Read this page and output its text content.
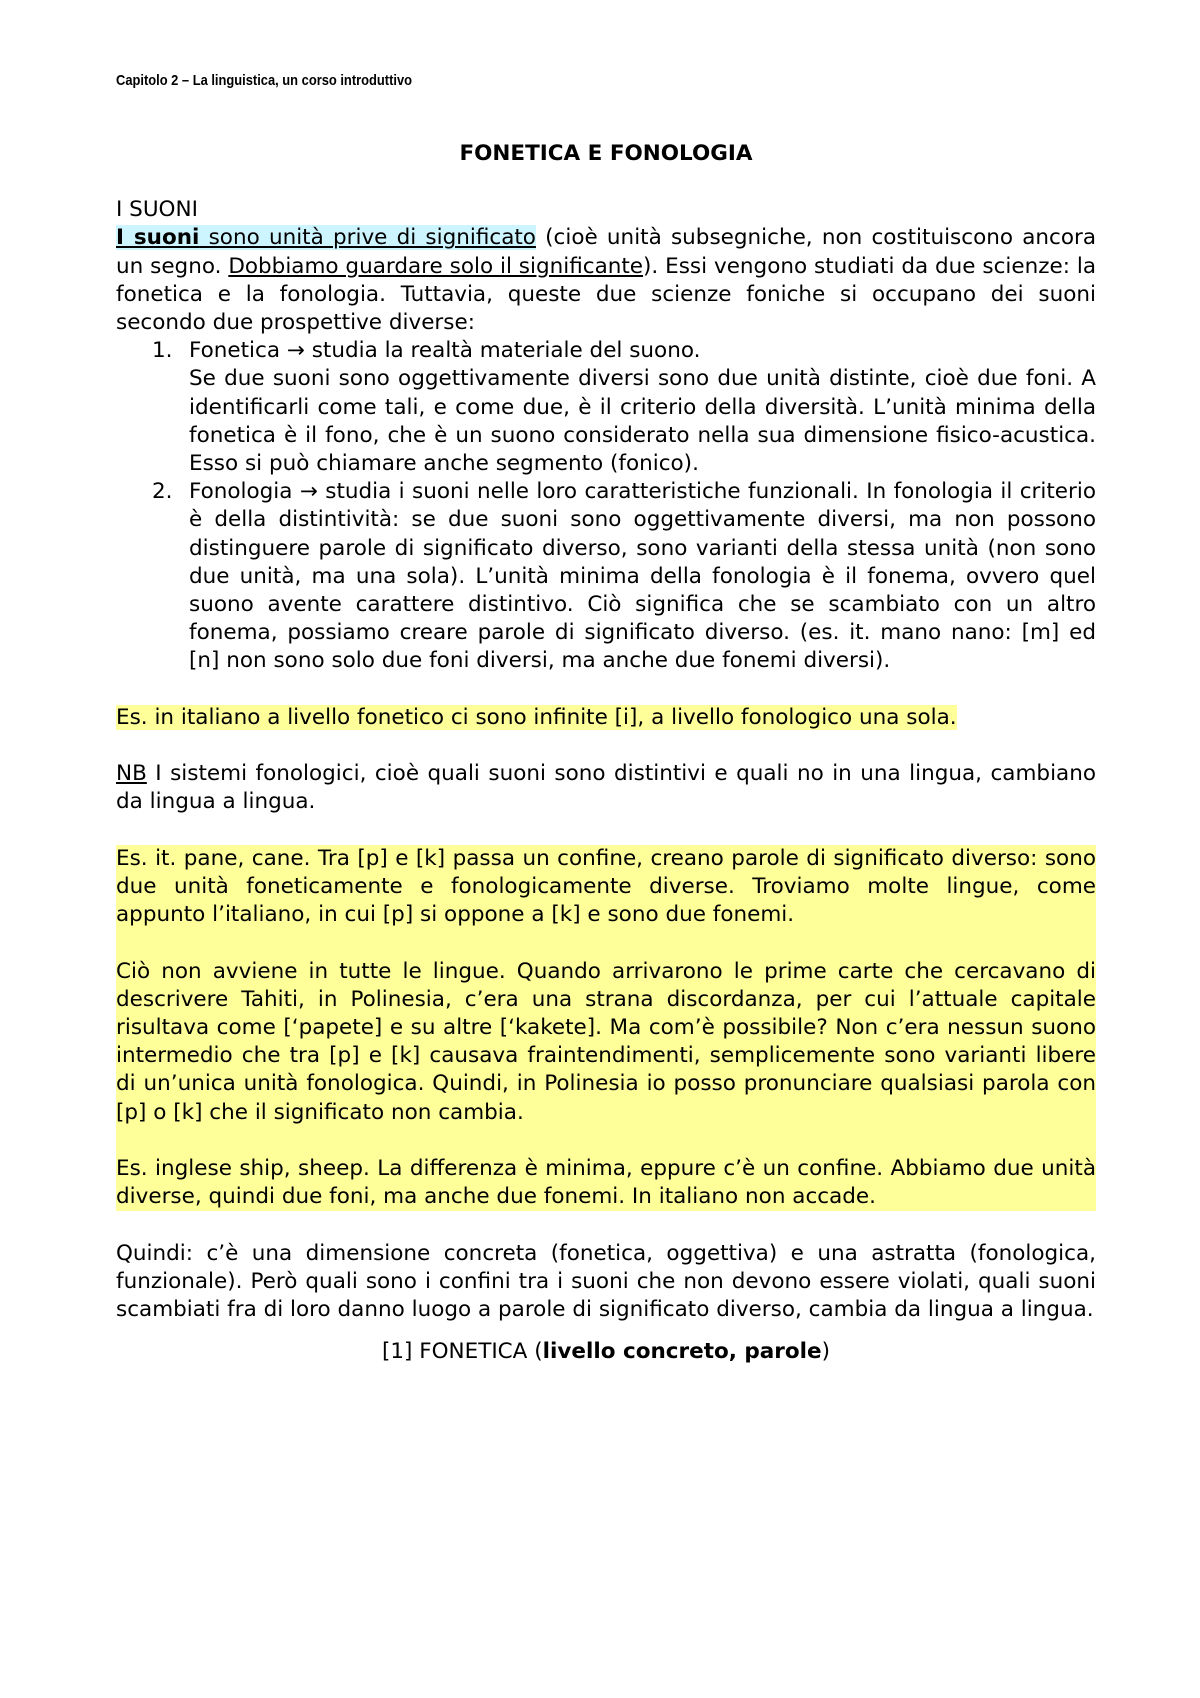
Capitolo 2 – La linguistica, un corso introduttivo

FONETICA E FONOLOGIA

I SUONI

I suoni sono unità prive di significato (cioè unità subsegniche, non costituiscono ancora un segno. Dobbiamo guardare solo il significante). Essi vengono studiati da due scienze: la fonetica e la fonologia. Tuttavia, queste due scienze foniche si occupano dei suoni secondo due prospettive diverse:

1. Fonetica → studia la realtà materiale del suono.
Se due suoni sono oggettivamente diversi sono due unità distinte, cioè due foni. A identificarli come tali, e come due, è il criterio della diversità. L’unità minima della fonetica è il fono, che è un suono considerato nella sua dimensione fisico-acustica. Esso si può chiamare anche segmento (fonico).
2. Fonologia → studia i suoni nelle loro caratteristiche funzionali. In fonologia il criterio è della distintività: se due suoni sono oggettivamente diversi, ma non possono distinguere parole di significato diverso, sono varianti della stessa unità (non sono due unità, ma una sola). L’unità minima della fonologia è il fonema, ovvero quel suono avente carattere distintivo. Ciò significa che se scambiato con un altro fonema, possiamo creare parole di significato diverso. (es. it. mano nano: [m] ed [n] non sono solo due foni diversi, ma anche due fonemi diversi).

Es. in italiano a livello fonetico ci sono infinite [i], a livello fonologico una sola.

NB I sistemi fonologici, cioè quali suoni sono distintivi e quali no in una lingua, cambiano da lingua a lingua.

Es. it. pane, cane. Tra [p] e [k] passa un confine, creano parole di significato diverso: sono due unità foneticamente e fonologicamente diverse. Troviamo molte lingue, come appunto l’italiano, in cui [p] si oppone a [k] e sono due fonemi.

Ciò non avviene in tutte le lingue. Quando arrivarono le prime carte che cercavano di descrivere Tahiti, in Polinesia, c’era una strana discordanza, per cui l’attuale capitale risultava come [‘papete] e su altre [‘kakete]. Ma com’è possibile? Non c’era nessun suono intermedio che tra [p] e [k] causava fraintendimenti, semplicemente sono varianti libere di un’unica unità fonologica. Quindi, in Polinesia io posso pronunciare qualsiasi parola con [p] o [k] che il significato non cambia.

Es. inglese ship, sheep. La differenza è minima, eppure c’è un confine. Abbiamo due unità diverse, quindi due foni, ma anche due fonemi. In italiano non accade.

Quindi: c’è una dimensione concreta (fonetica, oggettiva) e una astratta (fonologica, funzionale). Però quali sono i confini tra i suoni che non devono essere violati, quali suoni scambiati fra di loro danno luogo a parole di significato diverso, cambia da lingua a lingua.

[1] FONETICA (livello concreto, parole)
